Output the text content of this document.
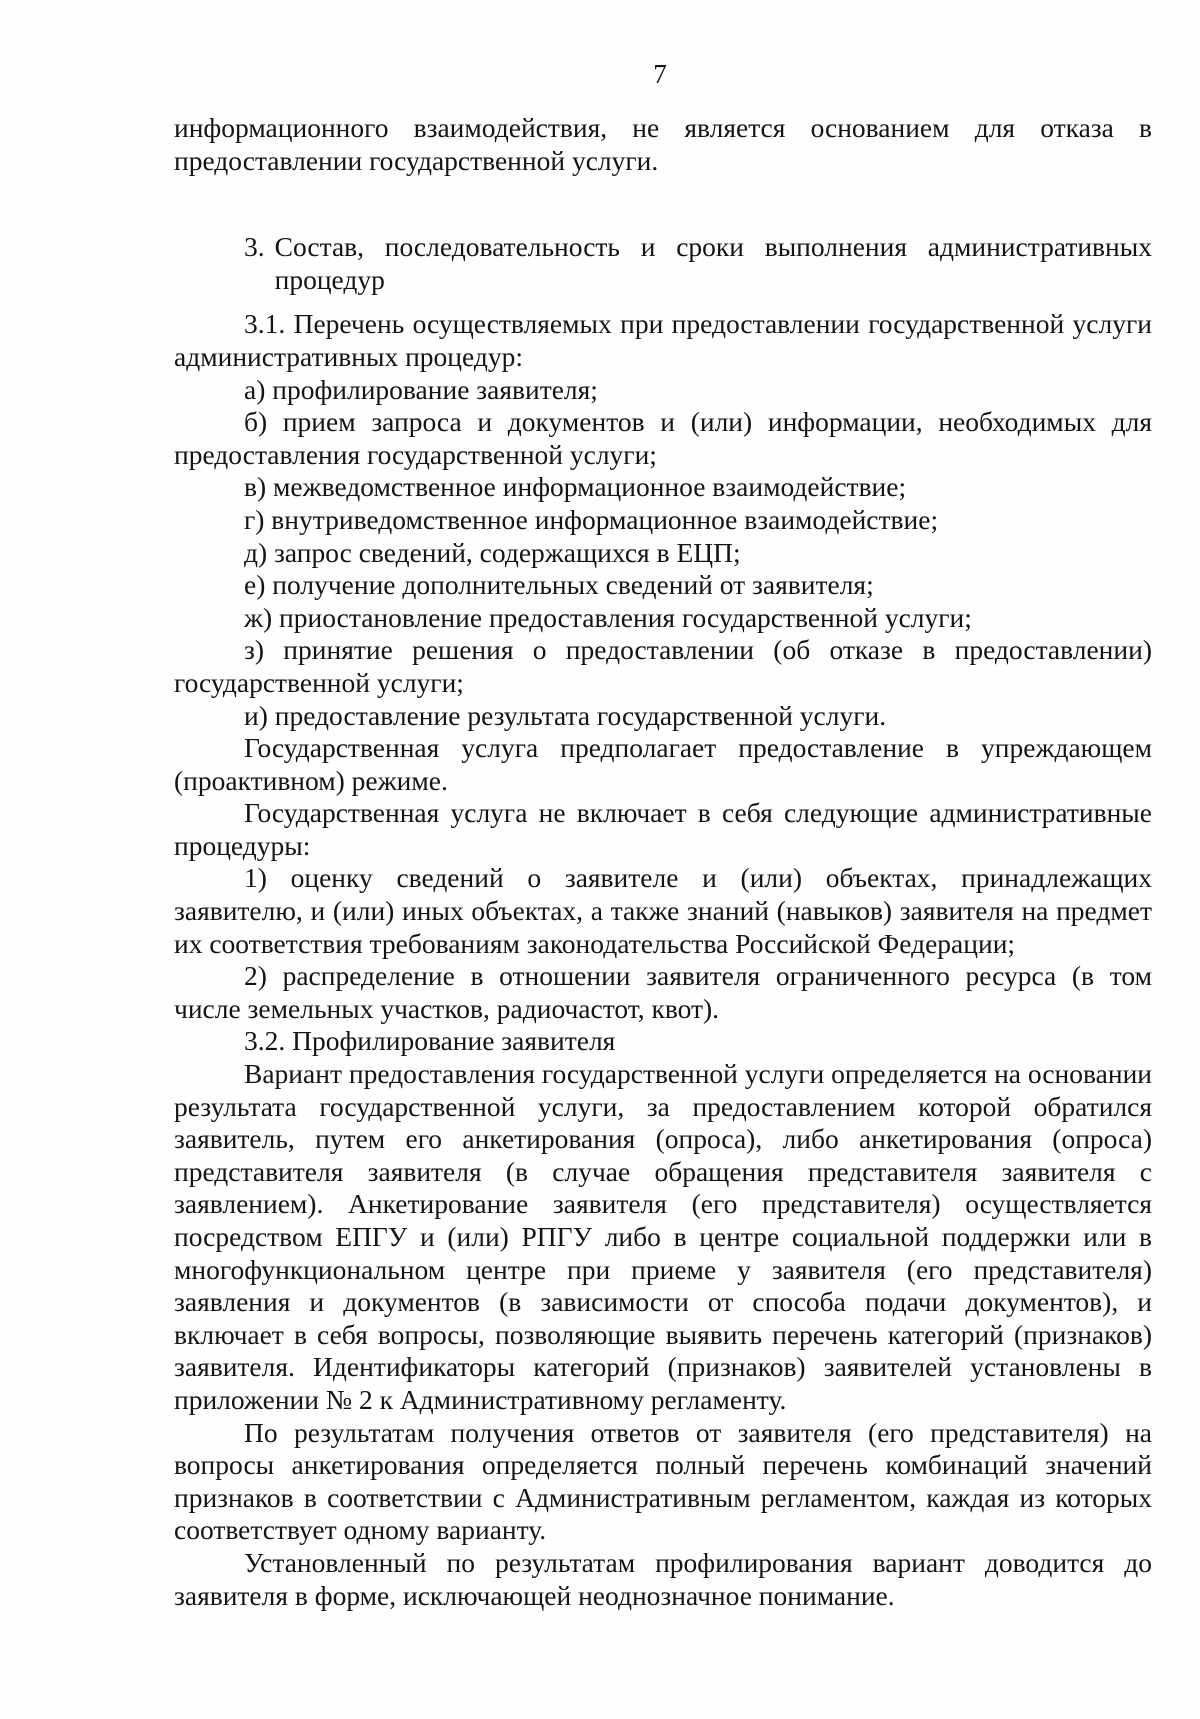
7

информационного взаимодействия, не является основанием для отказа в предоставлении государственной услуги.

3. Состав, последовательность и сроки выполнения административных процедур

3.1. Перечень осуществляемых при предоставлении государственной услуги административных процедур:

а) профилирование заявителя;

б) прием запроса и документов и (или) информации, необходимых для предоставления государственной услуги;

в) межведомственное информационное взаимодействие;

г) внутриведомственное информационное взаимодействие;

д) запрос сведений, содержащихся в ЕЦП;

е) получение дополнительных сведений от заявителя;

ж) приостановление предоставления государственной услуги;

з) принятие решения о предоставлении (об отказе в предоставлении) государственной услуги;

и) предоставление результата государственной услуги.

Государственная услуга предполагает предоставление в упреждающем (проактивном) режиме.

Государственная услуга не включает в себя следующие административные процедуры:

1) оценку сведений о заявителе и (или) объектах, принадлежащих заявителю, и (или) иных объектах, а также знаний (навыков) заявителя на предмет их соответствия требованиям законодательства Российской Федерации;

2) распределение в отношении заявителя ограниченного ресурса (в том числе земельных участков, радиочастот, квот).

3.2. Профилирование заявителя

Вариант предоставления государственной услуги определяется на основании результата государственной услуги, за предоставлением которой обратился заявитель, путем его анкетирования (опроса), либо анкетирования (опроса) представителя заявителя (в случае обращения представителя заявителя с заявлением). Анкетирование заявителя (его представителя) осуществляется посредством ЕПГУ и (или) РПГУ либо в центре социальной поддержки или в многофункциональном центре при приеме у заявителя (его представителя) заявления и документов (в зависимости от способа подачи документов), и включает в себя вопросы, позволяющие выявить перечень категорий (признаков) заявителя. Идентификаторы категорий (признаков) заявителей установлены в приложении № 2 к Административному регламенту.

По результатам получения ответов от заявителя (его представителя) на вопросы анкетирования определяется полный перечень комбинаций значений признаков в соответствии с Административным регламентом, каждая из которых соответствует одному варианту.

Установленный по результатам профилирования вариант доводится до заявителя в форме, исключающей неоднозначное понимание.
